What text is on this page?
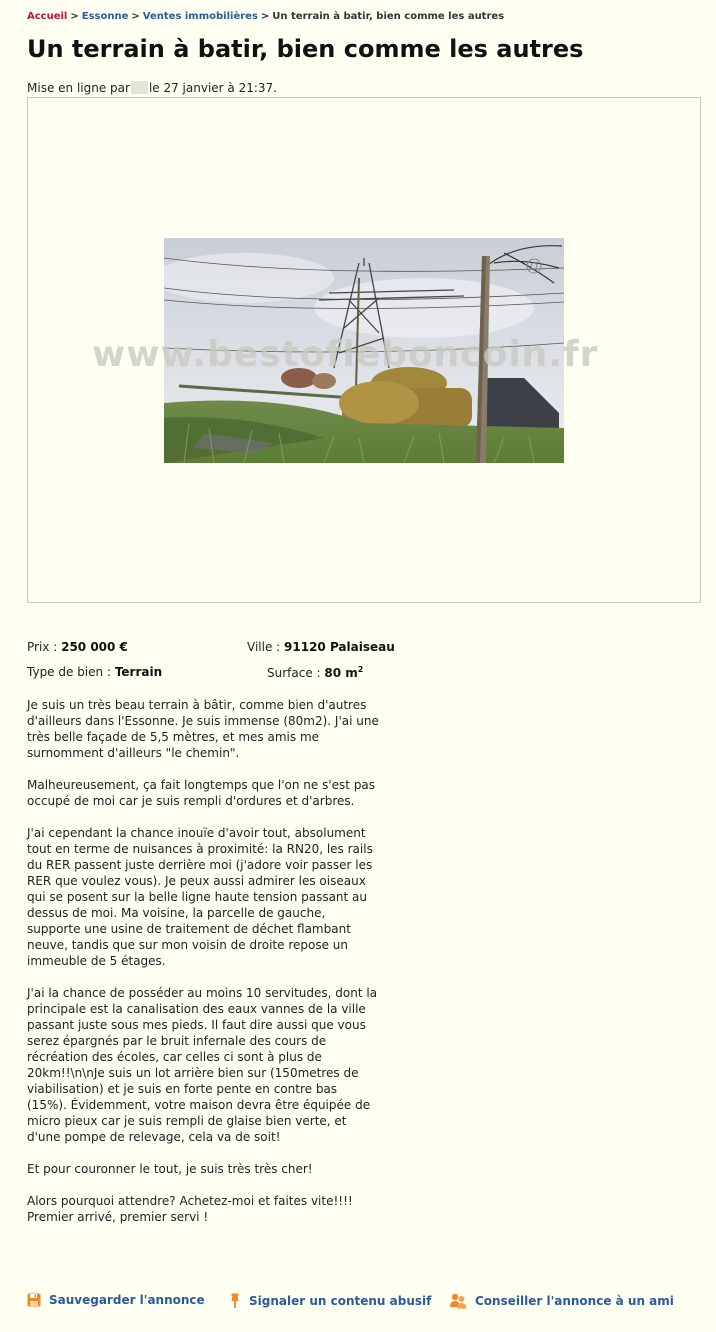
Accueil > Essonne > Ventes immobilières > Un terrain à batir, bien comme les autres
Un terrain à batir, bien comme les autres
Mise en ligne par le 27 janvier à 21:37.
www.bestofleboncoin.fr
Prix : 250 000 €	Ville : 91120 Palaiseau
Type de bien : Terrain	Surface : 80 $m^2$

Je suis un très beau terrain à bâtir, comme bien d'autres d'ailleurs dans l'Essonne. Je suis immense (80m2). J'ai une très belle façade de 5,5 mètres, et mes amis me surnomment d'ailleurs "le chemin".

Malheureusement, ça fait longtemps que l'on ne s'est pas occupé de moi car je suis rempli d'ordures et d'arbres.

J'ai cependant la chance inouïe d'avoir tout, absolument tout en terme de nuisances à proximité: la RN20, les rails du RER passent juste derrière moi (j'adore voir passer les RER que voulez vous). Je peux aussi admirer les oiseaux qui se posent sur la belle ligne haute tension passant au dessus de moi. Ma voisine, la parcelle de gauche, supporte une usine de traitement de déchet flambant neuve, tandis que sur mon voisin de droite repose un immeuble de 5 étages.

J'ai la chance de posséder au moins 10 servitudes, dont la principale est la canalisation des eaux vannes de la ville passant juste sous mes pieds. Il faut dire aussi que vous serez épargnés par le bruit infernale des cours de récréation des écoles, car celles ci sont à plus de 20km!!\n\nJe suis un lot arrière bien sur (150metres de viabilisation) et je suis en forte pente en contre bas (15%). Évidemment, votre maison devra être équipée de micro pieux car je suis rempli de glaise bien verte, et d'une pompe de relevage, cela va de soit!

Et pour couronner le tout, je suis très très cher!

Alors pourquoi attendre? Achetez-moi et faites vite!!!!
Premier arrivé, premier servi !

Sauvegarder l'annonce	Signaler un contenu abusif	Conseiller l'annonce à un ami
